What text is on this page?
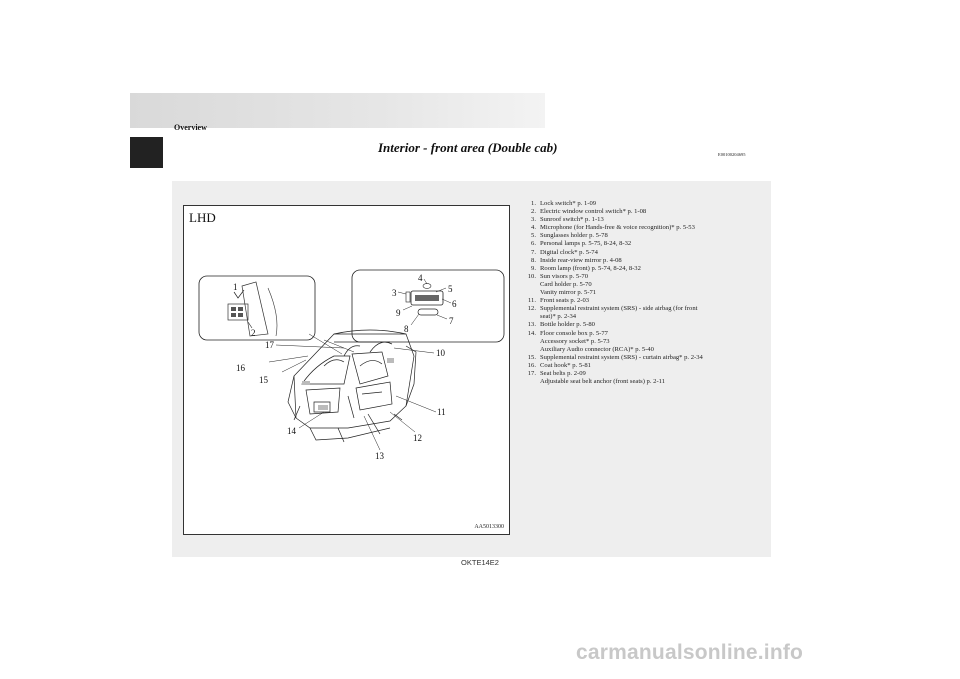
Overview
Interior - front area (Double cab)	E00100204695
1
2
3
4
5
6
7
8
9
10
11
12
13
14
15
16
17
LHD
AA5013300
1. Lock switch* p. 1-09
2. Electric window control switch* p. 1-08
3. Sunroof switch* p. 1-13
4. Microphone (for Hands-free & voice recognition)* p. 5-53
5. Sunglasses holder p. 5-78
6. Personal lamps p. 5-75, 8-24, 8-32
7. Digital clock* p. 5-74
8. Inside rear-view mirror p. 4-08
9. Room lamp (front) p. 5-74, 8-24, 8-32
10. Sun visors p. 5-70
Card holder p. 5-70
Vanity mirror p. 5-71
11. Front seats p. 2-03
12. Supplemental restraint system (SRS) - side airbag (for front
seat)* p. 2-34
13. Bottle holder p. 5-80
14. Floor console box p. 5-77
Accessory socket* p. 5-73
Auxiliary Audio connector (RCA)* p. 5-40
15. Supplemental restraint system (SRS) - curtain airbag* p. 2-34
16. Coat hook* p. 5-81
17. Seat belts p. 2-09
Adjustable seat belt anchor (front seats) p. 2-11
OKTE14E2
carmanualsonline.info
